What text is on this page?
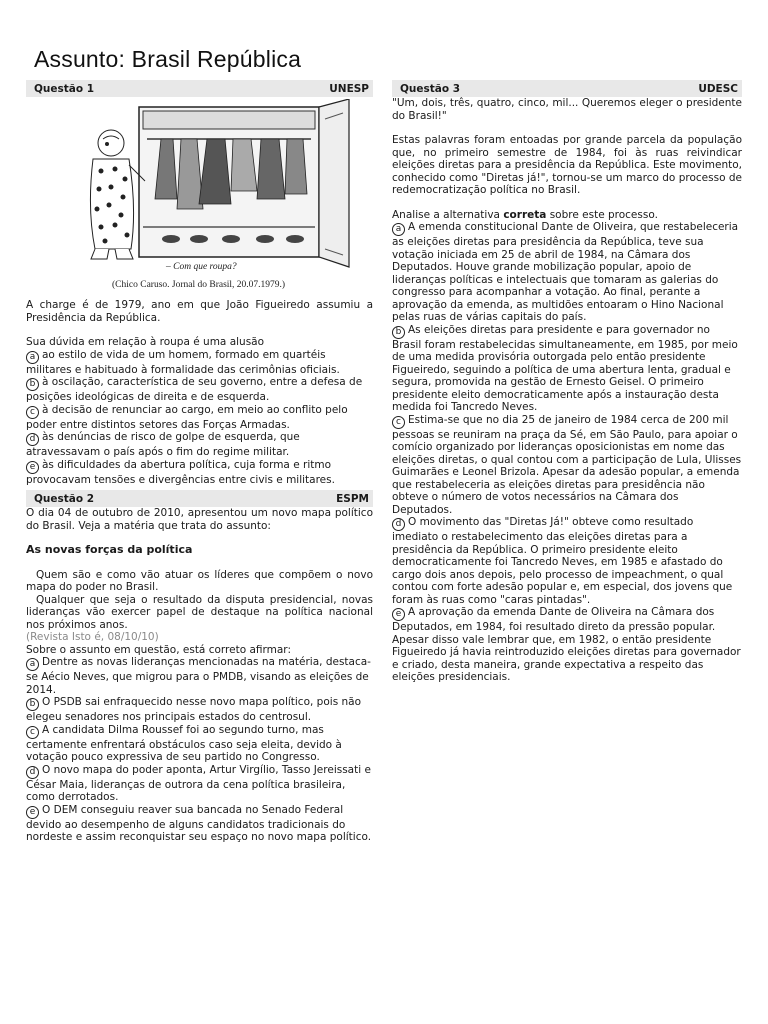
Assunto: Brasil República
Questão 1	UNESP
– Com que roupa?
(Chico Caruso. Jornal do Brasil, 20.07.1979.)

A charge é de 1979, ano em que João Figueiredo assumiu a Presidência da República.

Sua dúvida em relação à roupa é uma alusão

a ao estilo de vida de um homem, formado em quartéis militares e habituado à formalidade das cerimônias oficiais.
b à oscilação, característica de seu governo, entre a defesa de posições ideológicas de direita e de esquerda.
c à decisão de renunciar ao cargo, em meio ao conflito pelo poder entre distintos setores das Forças Armadas.
d às denúncias de risco de golpe de esquerda, que atravessavam o país após o fim do regime militar.
e às dificuldades da abertura política, cuja forma e ritmo provocavam tensões e divergências entre civis e militares.
Questão 2	ESPM

O dia 04 de outubro de 2010, apresentou um novo mapa político do Brasil. Veja a matéria que trata do assunto:

As novas forças da política

Quem são e como vão atuar os líderes que compõem o novo mapa do poder no Brasil.

Qualquer que seja o resultado da disputa presidencial, novas lideranças vão exercer papel de destaque na política nacional nos próximos anos.

(Revista Isto é, 08/10/10)

Sobre o assunto em questão, está correto afirmar:

a Dentre as novas lideranças mencionadas na matéria, destaca- se Aécio Neves, que migrou para o PMDB, visando as eleições de 2014.
b O PSDB sai enfraquecido nesse novo mapa político, pois não elegeu senadores nos principais estados do centrosul.
c A candidata Dilma Roussef foi ao segundo turno, mas certamente enfrentará obstáculos caso seja eleita, devido à votação pouco expressiva de seu partido no Congresso.
d O novo mapa do poder aponta, Artur Virgílio, Tasso Jereissati e César Maia, lideranças de outrora da cena política brasileira, como derrotados.
e O DEM conseguiu reaver sua bancada no Senado Federal devido ao desempenho de alguns candidatos tradicionais do nordeste e assim reconquistar seu espaço no novo mapa político.
Questão 3	UDESC

"Um, dois, três, quatro, cinco, mil... Queremos eleger o presidente do Brasil!"

Estas palavras foram entoadas por grande parcela da população que, no primeiro semestre de 1984, foi às ruas reivindicar eleições diretas para a presidência da República. Este movimento, conhecido como "Diretas já!", tornou-se um marco do processo de redemocratização política no Brasil.

Analise a alternativa correta sobre este processo.

a A emenda constitucional Dante de Oliveira, que restabeleceria as eleições diretas para presidência da República, teve sua votação iniciada em 25 de abril de 1984, na Câmara dos Deputados. Houve grande mobilização popular, apoio de lideranças políticas e intelectuais que tomaram as galerias do congresso para acompanhar a votação. Ao final, perante a aprovação da emenda, as multidões entoaram o Hino Nacional pelas ruas de várias capitais do país.
b As eleições diretas para presidente e para governador no Brasil foram restabelecidas simultaneamente, em 1985, por meio de uma medida provisória outorgada pelo então presidente Figueiredo, seguindo a política de uma abertura lenta, gradual e segura, promovida na gestão de Ernesto Geisel. O primeiro presidente eleito democraticamente após a instauração desta medida foi Tancredo Neves.
c Estima-se que no dia 25 de janeiro de 1984 cerca de 200 mil pessoas se reuniram na praça da Sé, em São Paulo, para apoiar o comício organizado por lideranças oposicionistas em nome das eleições diretas, o qual contou com a participação de Lula, Ulisses Guimarães e Leonel Brizola. Apesar da adesão popular, a emenda que restabeleceria as eleições diretas para presidência não obteve o número de votos necessários na Câmara dos Deputados.
d O movimento das "Diretas Já!" obteve como resultado imediato o restabelecimento das eleições diretas para a presidência da República. O primeiro presidente eleito democraticamente foi Tancredo Neves, em 1985 e afastado do cargo dois anos depois, pelo processo de impeachment, o qual contou com forte adesão popular e, em especial, dos jovens que foram às ruas como "caras pintadas".
e A aprovação da emenda Dante de Oliveira na Câmara dos Deputados, em 1984, foi resultado direto da pressão popular. Apesar disso vale lembrar que, em 1982, o então presidente Figueiredo já havia reintroduzido eleições diretas para governador e criado, desta maneira, grande expectativa a respeito das eleições presidenciais.
